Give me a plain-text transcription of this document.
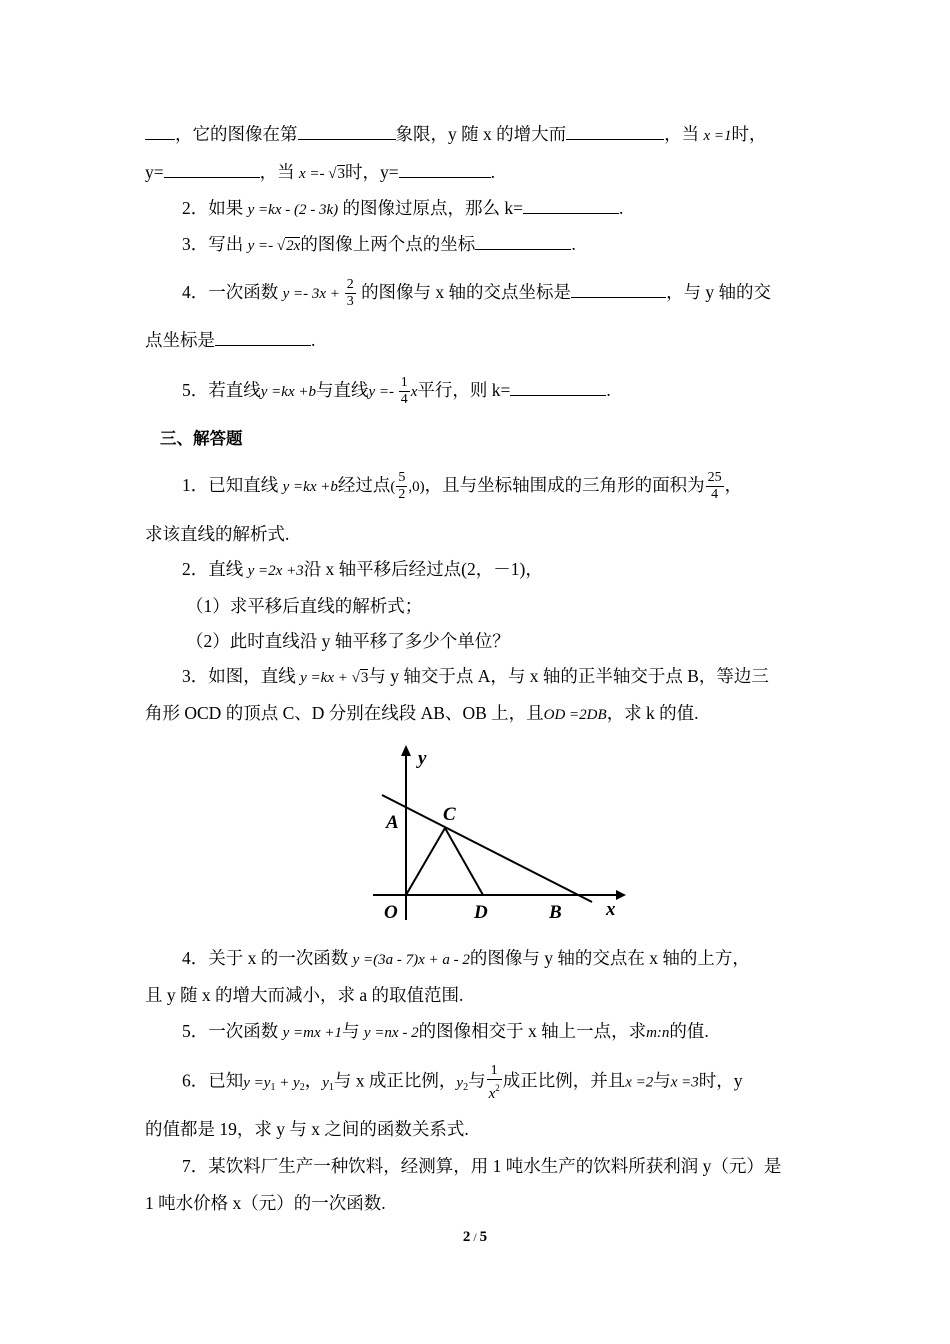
，它的图像在第	象限，y 随 x 的增大而	，当 x =1时，
y=	，当 x =- √3时，y=	.
2．如果 y =kx - (2 - 3k) 的图像过原点，那么 k=	.
3．写出 y =- √2x的图像上两个点的坐标	.
4．一次函数 $y =- 3x + \frac{2}{3}$ 的图像与 x 轴的交点坐标是	，与 y 轴的交
点坐标是	.
5．若直线y =kx +b与直线$y =- \frac{1}{4}$ x平行，则 k=	.
三、解答题
1．已知直线 y =kx +b经过点( $\frac{5}{2} ,0$)，且与坐标轴围成的三角形的面积为 $\frac{25}{4}$ ，
求该直线的解析式.
2．直线 y =2x +3沿 x 轴平移后经过点(2，－1)，
（1）求平移后直线的解析式；
（2）此时直线沿 y 轴平移了多少个单位？
3．如图，直线 y =kx + √3与 y 轴交于点 A，与 x 轴的正半轴交于点 B，等边三
角形 OCD 的顶点 C、D 分别在线段 AB、OB 上，且OD =2DB，求 k 的值.
y
x
A C
O	D	B
4．关于 x 的一次函数 y =(3a - 7)x + a - 2的图像与 y 轴的交点在 x 轴的上方，
且 y 随 x 的增大而减小，求 a 的取值范围.
5．一次函数 y =mx +1与 y =nx - 2的图像相交于 x 轴上一点，求m:n的值.
6．已知$y =y_1 + y_2$，$y_1$与 x 成正比例，$y_2$与 $\frac{1}{x^2}$ 成正比例，并且x =2与x =3时，y
的值都是 19，求 y 与 x 之间的函数关系式.
7．某饮料厂生产一种饮料，经测算，用 1 吨水生产的饮料所获利润 y（元）是
1 吨水价格 x（元）的一次函数.
2 / 5
